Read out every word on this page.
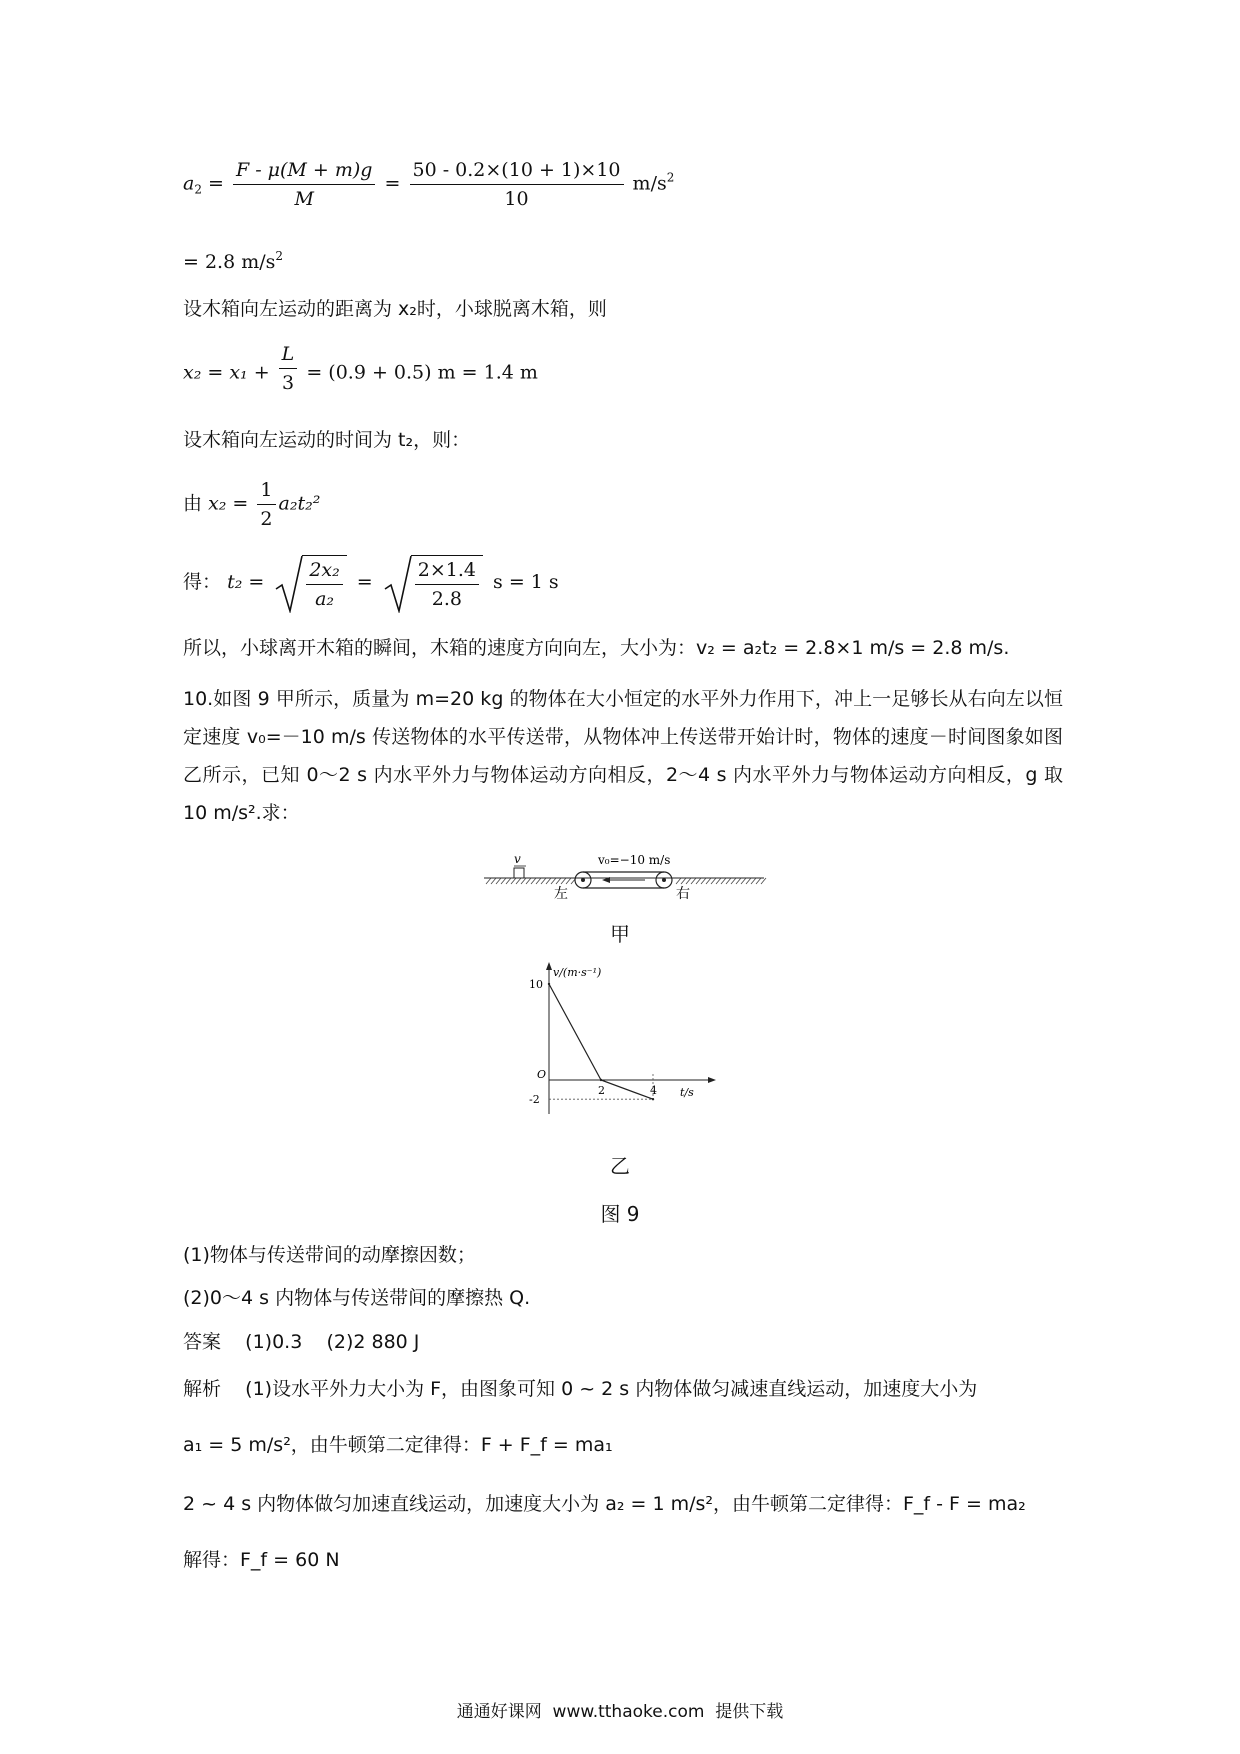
$a_2 = \frac{F - \mu(M + m)g}{M} = \frac{50 - 0.2\times(10 + 1)\times 10}{10} m/s^2$
= 2.8 $m/s^2$
设木箱向左运动的距离为 x₂时，小球脱离木箱，则
$x_2 = x_1 + \frac{L}{3} = (0.9 + 0.5) m = 1.4$ m
设木箱向左运动的时间为 t₂，则：
由 $x_2 = \frac{1}{2} a_2t_2^2$
得： $t_2 = \frac{\text{2x₂}}{\text{a₂}} = \frac{2\times 1.4}{2.8}$ s = 1 s
所以，小球离开木箱的瞬间，木箱的速度方向向左，大小为：v₂ = a₂t₂ = 2.8×1 m/s = 2.8 m/s.
10.如图 9 甲所示，质量为 m=20 kg 的物体在大小恒定的水平外力作用下，冲上一足够长从右向左以恒定速度 v₀=－10 m/s 传送物体的水平传送带，从物体冲上传送带开始计时，物体的速度－时间图象如图乙所示，已知 0～2 s 内水平外力与物体运动方向相反，2～4 s 内水平外力与物体运动方向相反，g 取 10 m/s².求：
v	v₀=−10 m/s
左	右
甲
v/(m·s⁻¹)
t/s
O
10
-2
2	4
乙
图 9
(1)物体与传送带间的动摩擦因数；
(2)0～4 s 内物体与传送带间的摩擦热 Q.
答案    (1)0.3    (2)2 880 J
解析    (1)设水平外力大小为 F，由图象可知 0 ~ 2 s 内物体做匀减速直线运动，加速度大小为
a₁ = 5 m/s²，由牛顿第二定律得：F + F_f = ma₁
2 ~ 4 s 内物体做匀加速直线运动，加速度大小为 a₂ = 1 m/s²，由牛顿第二定律得：F_f - F = ma₂
解得：F_f = 60 N
通通好课网  www.tthaoke.com  提供下载
